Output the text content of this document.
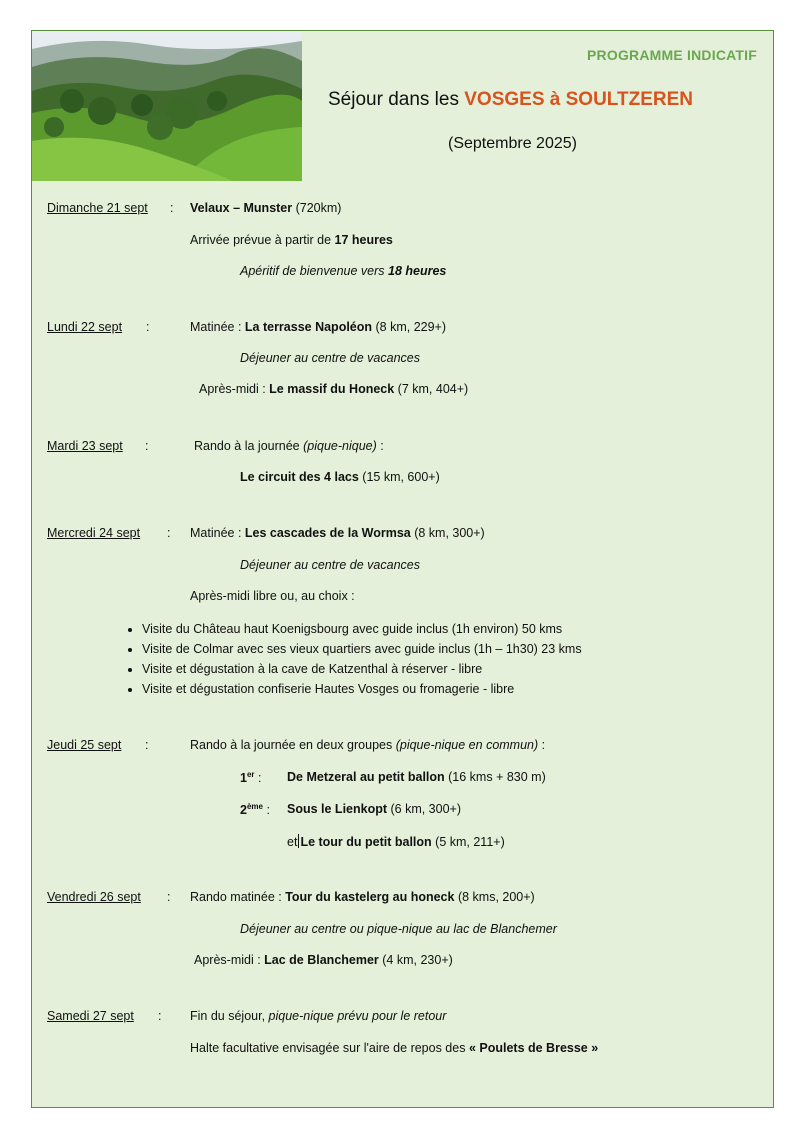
PROGRAMME INDICATIF
Séjour dans les VOSGES à SOULTZEREN
(Septembre 2025)
Dimanche 21 sept :	Velaux – Munster (720km)
Arrivée prévue à partir de 17 heures
Apéritif de bienvenue vers 18 heures
Lundi 22 sept :	Matinée : La terrasse Napoléon (8 km, 229+)
Déjeuner au centre de vacances
Après-midi : Le massif du Honeck (7 km, 404+)
Mardi 23 sept :	Rando à la journée (pique-nique) :
Le circuit des 4 lacs (15 km, 600+)
Mercredi 24 sept : Matinée : Les cascades de la Wormsa (8 km, 300+)
Déjeuner au centre de vacances
Après-midi libre ou, au choix :
• Visite du Château haut Koenigsbourg avec guide inclus (1h environ) 50 kms
• Visite de Colmar avec ses vieux quartiers avec guide inclus (1h – 1h30) 23 kms
• Visite et dégustation à la cave de Katzenthal à réserver - libre
• Visite et dégustation confiserie Hautes Vosges ou fromagerie - libre
Jeudi 25 sept :	Rando à la journée en deux groupes (pique-nique en commun) :
1er : De Metzeral au petit ballon (16 kms + 830 m)
2ème : Sous le Lienkopt (6 km, 300+)
et Le tour du petit ballon (5 km, 211+)
Vendredi 26 sept : Rando matinée : Tour du kastelerg au honeck (8 kms, 200+)
Déjeuner au centre ou pique-nique au lac de Blanchemer
Après-midi : Lac de Blanchemer (4 km, 230+)
Samedi 27 sept : Fin du séjour, pique-nique prévu pour le retour
Halte facultative envisagée sur l'aire de repos des « Poulets de Bresse »
